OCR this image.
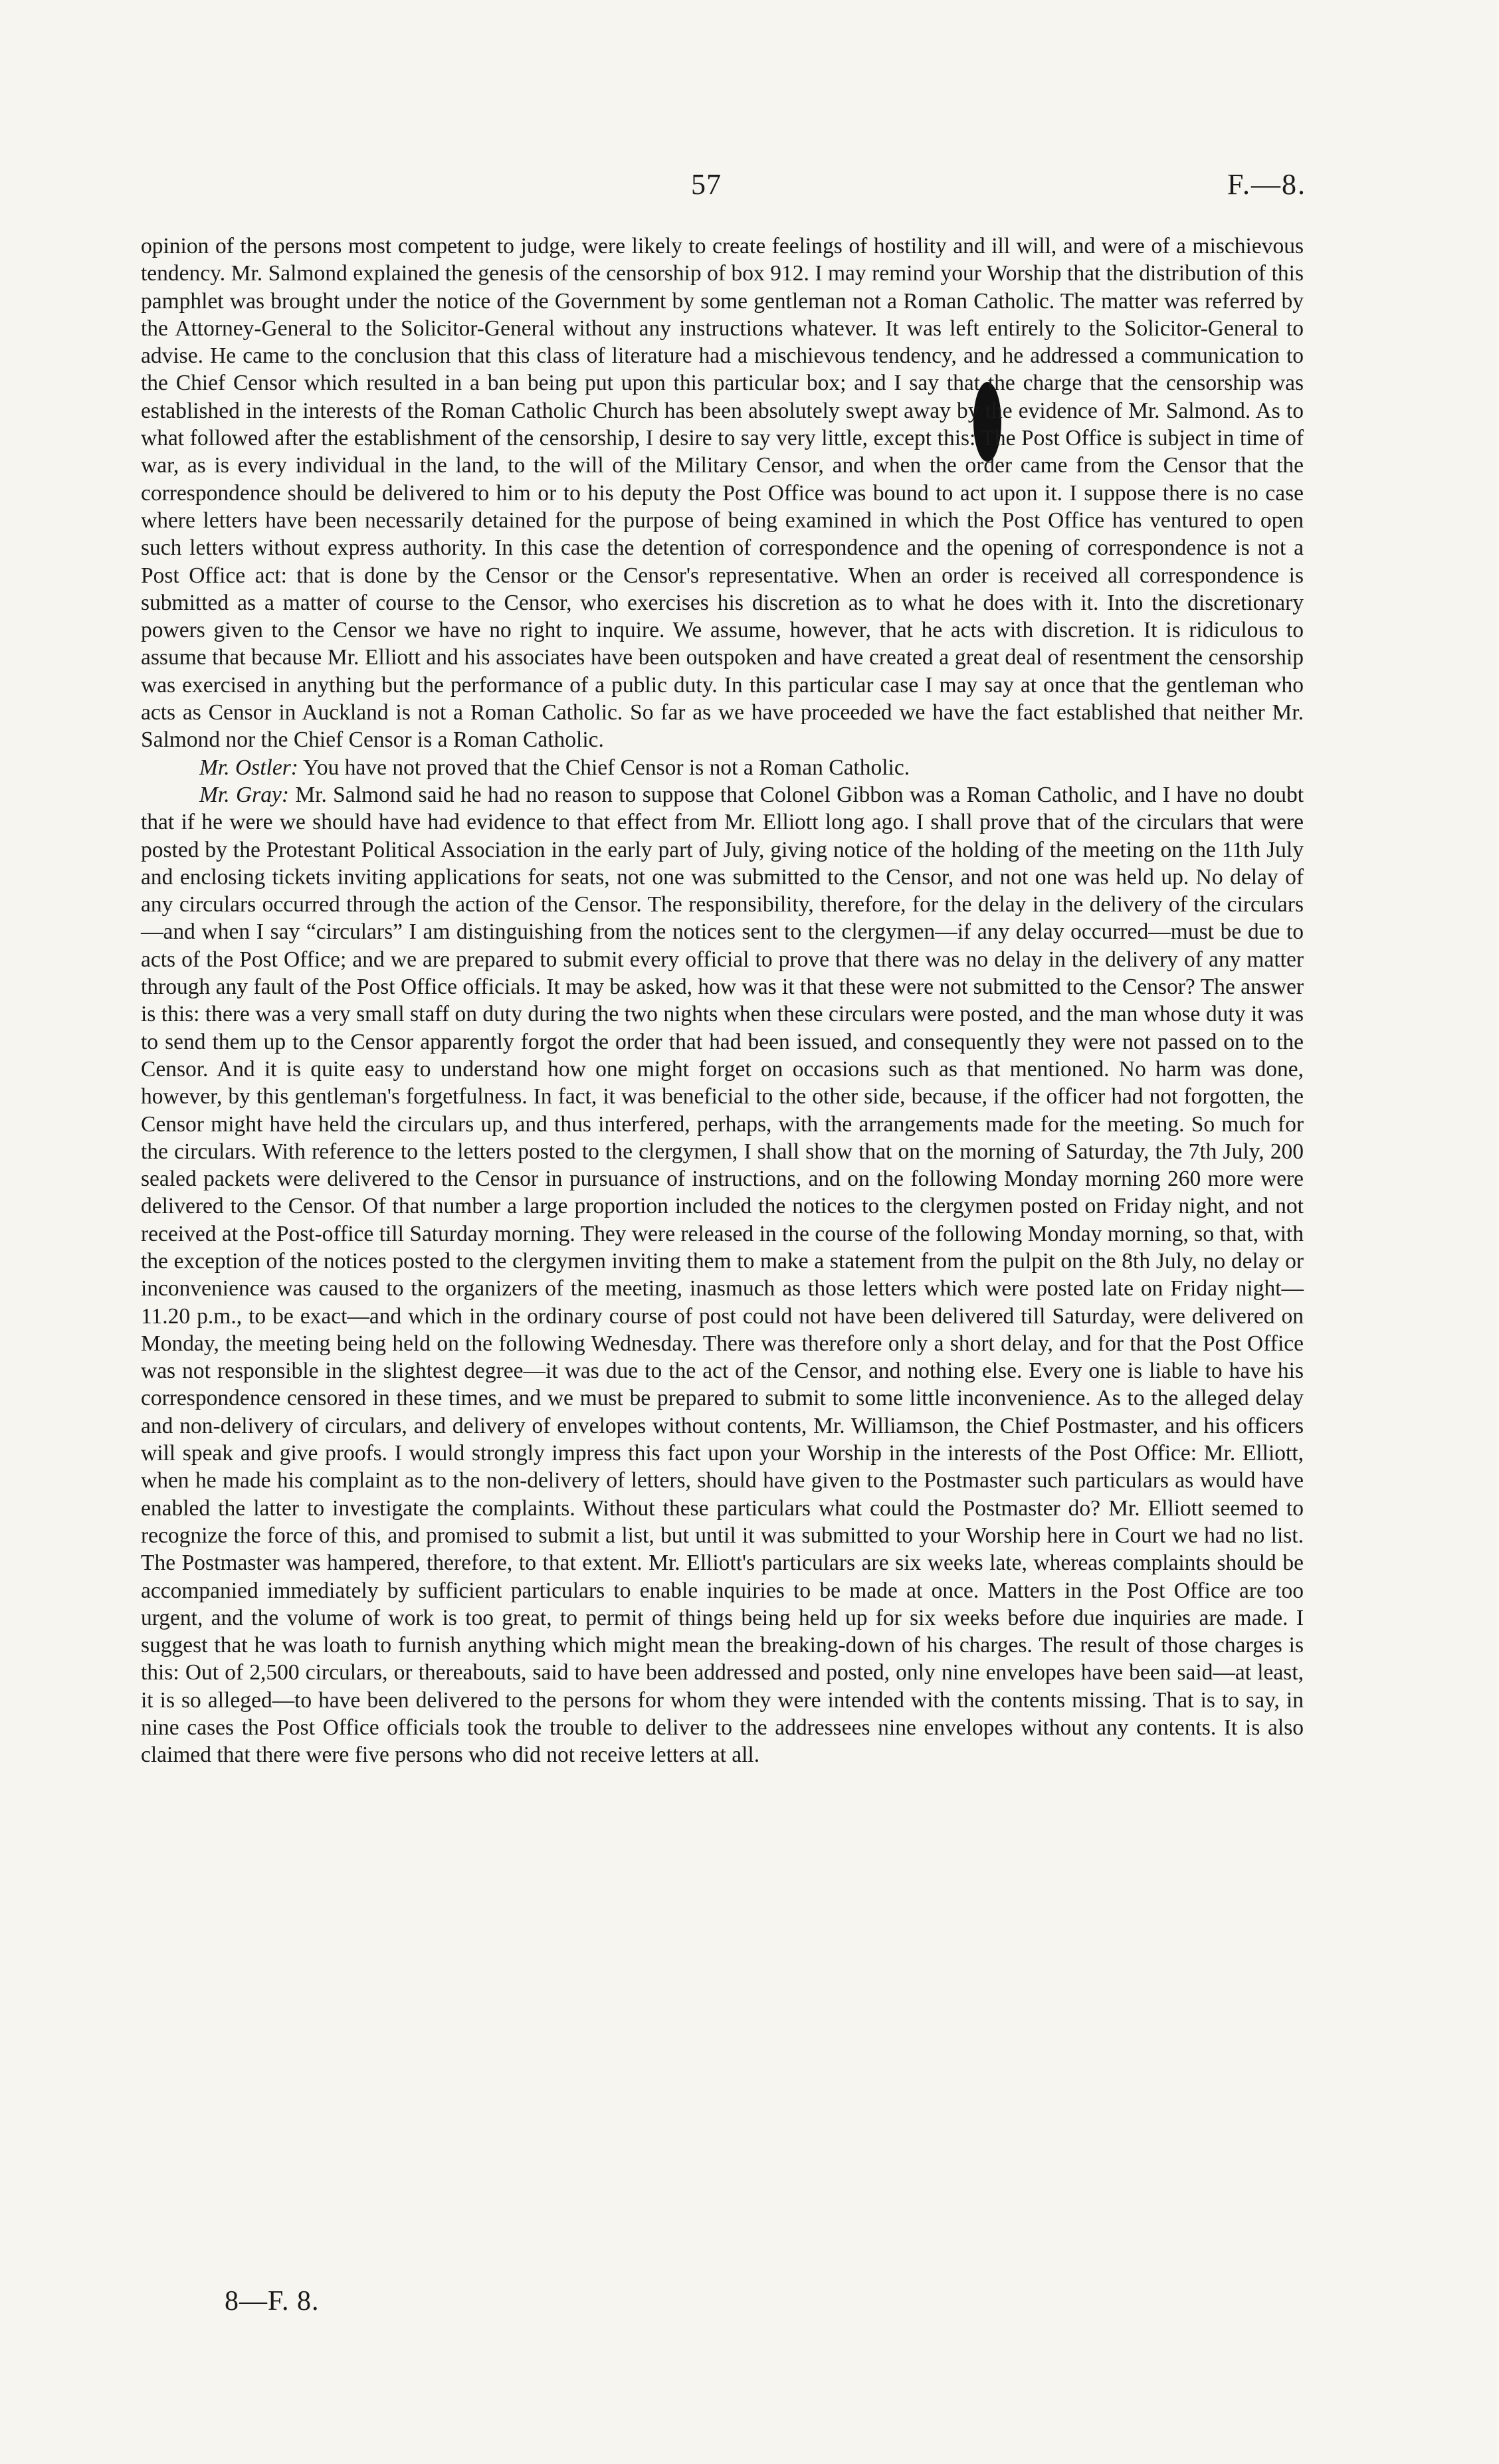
57	F.—8.

opinion of the persons most competent to judge, were likely to create feelings of hostility and ill will, and were of a mischievous tendency. Mr. Salmond explained the genesis of the censorship of box 912. I may remind your Worship that the distribution of this pamphlet was brought under the notice of the Government by some gentleman not a Roman Catholic. The matter was referred by the Attorney-General to the Solicitor-General without any instructions whatever. It was left entirely to the Solicitor-General to advise. He came to the conclusion that this class of literature had a mischievous tendency, and he addressed a communication to the Chief Censor which resulted in a ban being put upon this particular box; and I say that the charge that the censorship was established in the interests of the Roman Catholic Church has been absolutely swept away by the evidence of Mr. Salmond. As to what followed after the establishment of the censorship, I desire to say very little, except this: The Post Office is subject in time of war, as is every individual in the land, to the will of the Military Censor, and when the order came from the Censor that the correspondence should be delivered to him or to his deputy the Post Office was bound to act upon it. I suppose there is no case where letters have been necessarily detained for the purpose of being examined in which the Post Office has ventured to open such letters without express authority. In this case the detention of correspondence and the opening of correspondence is not a Post Office act: that is done by the Censor or the Censor's representative. When an order is received all correspondence is submitted as a matter of course to the Censor, who exercises his discretion as to what he does with it. Into the discretionary powers given to the Censor we have no right to inquire. We assume, however, that he acts with discretion. It is ridiculous to assume that because Mr. Elliott and his associates have been outspoken and have created a great deal of resentment the censorship was exercised in anything but the performance of a public duty. In this particular case I may say at once that the gentleman who acts as Censor in Auckland is not a Roman Catholic. So far as we have proceeded we have the fact established that neither Mr. Salmond nor the Chief Censor is a Roman Catholic.

Mr. Ostler: You have not proved that the Chief Censor is not a Roman Catholic.

Mr. Gray: Mr. Salmond said he had no reason to suppose that Colonel Gibbon was a Roman Catholic, and I have no doubt that if he were we should have had evidence to that effect from Mr. Elliott long ago. I shall prove that of the circulars that were posted by the Protestant Political Association in the early part of July, giving notice of the holding of the meeting on the 11th July and enclosing tickets inviting applications for seats, not one was submitted to the Censor, and not one was held up. No delay of any circulars occurred through the action of the Censor. The responsibility, therefore, for the delay in the delivery of the circulars—and when I say “circulars” I am distinguishing from the notices sent to the clergymen—if any delay occurred—must be due to acts of the Post Office; and we are prepared to submit every official to prove that there was no delay in the delivery of any matter through any fault of the Post Office officials. It may be asked, how was it that these were not submitted to the Censor? The answer is this: there was a very small staff on duty during the two nights when these circulars were posted, and the man whose duty it was to send them up to the Censor apparently forgot the order that had been issued, and consequently they were not passed on to the Censor. And it is quite easy to understand how one might forget on occasions such as that mentioned. No harm was done, however, by this gentleman's forgetfulness. In fact, it was beneficial to the other side, because, if the officer had not forgotten, the Censor might have held the circulars up, and thus interfered, perhaps, with the arrangements made for the meeting. So much for the circulars. With reference to the letters posted to the clergymen, I shall show that on the morning of Saturday, the 7th July, 200 sealed packets were delivered to the Censor in pursuance of instructions, and on the following Monday morning 260 more were delivered to the Censor. Of that number a large proportion included the notices to the clergymen posted on Friday night, and not received at the Post-office till Saturday morning. They were released in the course of the following Monday morning, so that, with the exception of the notices posted to the clergymen inviting them to make a statement from the pulpit on the 8th July, no delay or inconvenience was caused to the organizers of the meeting, inasmuch as those letters which were posted late on Friday night—11.20 p.m., to be exact—and which in the ordinary course of post could not have been delivered till Saturday, were delivered on Monday, the meeting being held on the following Wednesday. There was therefore only a short delay, and for that the Post Office was not responsible in the slightest degree—it was due to the act of the Censor, and nothing else. Every one is liable to have his correspondence censored in these times, and we must be prepared to submit to some little inconvenience. As to the alleged delay and non-delivery of circulars, and delivery of envelopes without contents, Mr. Williamson, the Chief Postmaster, and his officers will speak and give proofs. I would strongly impress this fact upon your Worship in the interests of the Post Office: Mr. Elliott, when he made his complaint as to the non-delivery of letters, should have given to the Postmaster such particulars as would have enabled the latter to investigate the complaints. Without these particulars what could the Postmaster do? Mr. Elliott seemed to recognize the force of this, and promised to submit a list, but until it was submitted to your Worship here in Court we had no list. The Postmaster was hampered, therefore, to that extent. Mr. Elliott's particulars are six weeks late, whereas complaints should be accompanied immediately by sufficient particulars to enable inquiries to be made at once. Matters in the Post Office are too urgent, and the volume of work is too great, to permit of things being held up for six weeks before due inquiries are made. I suggest that he was loath to furnish anything which might mean the breaking-down of his charges. The result of those charges is this: Out of 2,500 circulars, or thereabouts, said to have been addressed and posted, only nine envelopes have been said—at least, it is so alleged—to have been delivered to the persons for whom they were intended with the contents missing. That is to say, in nine cases the Post Office officials took the trouble to deliver to the addressees nine envelopes without any contents. It is also claimed that there were five persons who did not receive letters at all.

8—F. 8.
